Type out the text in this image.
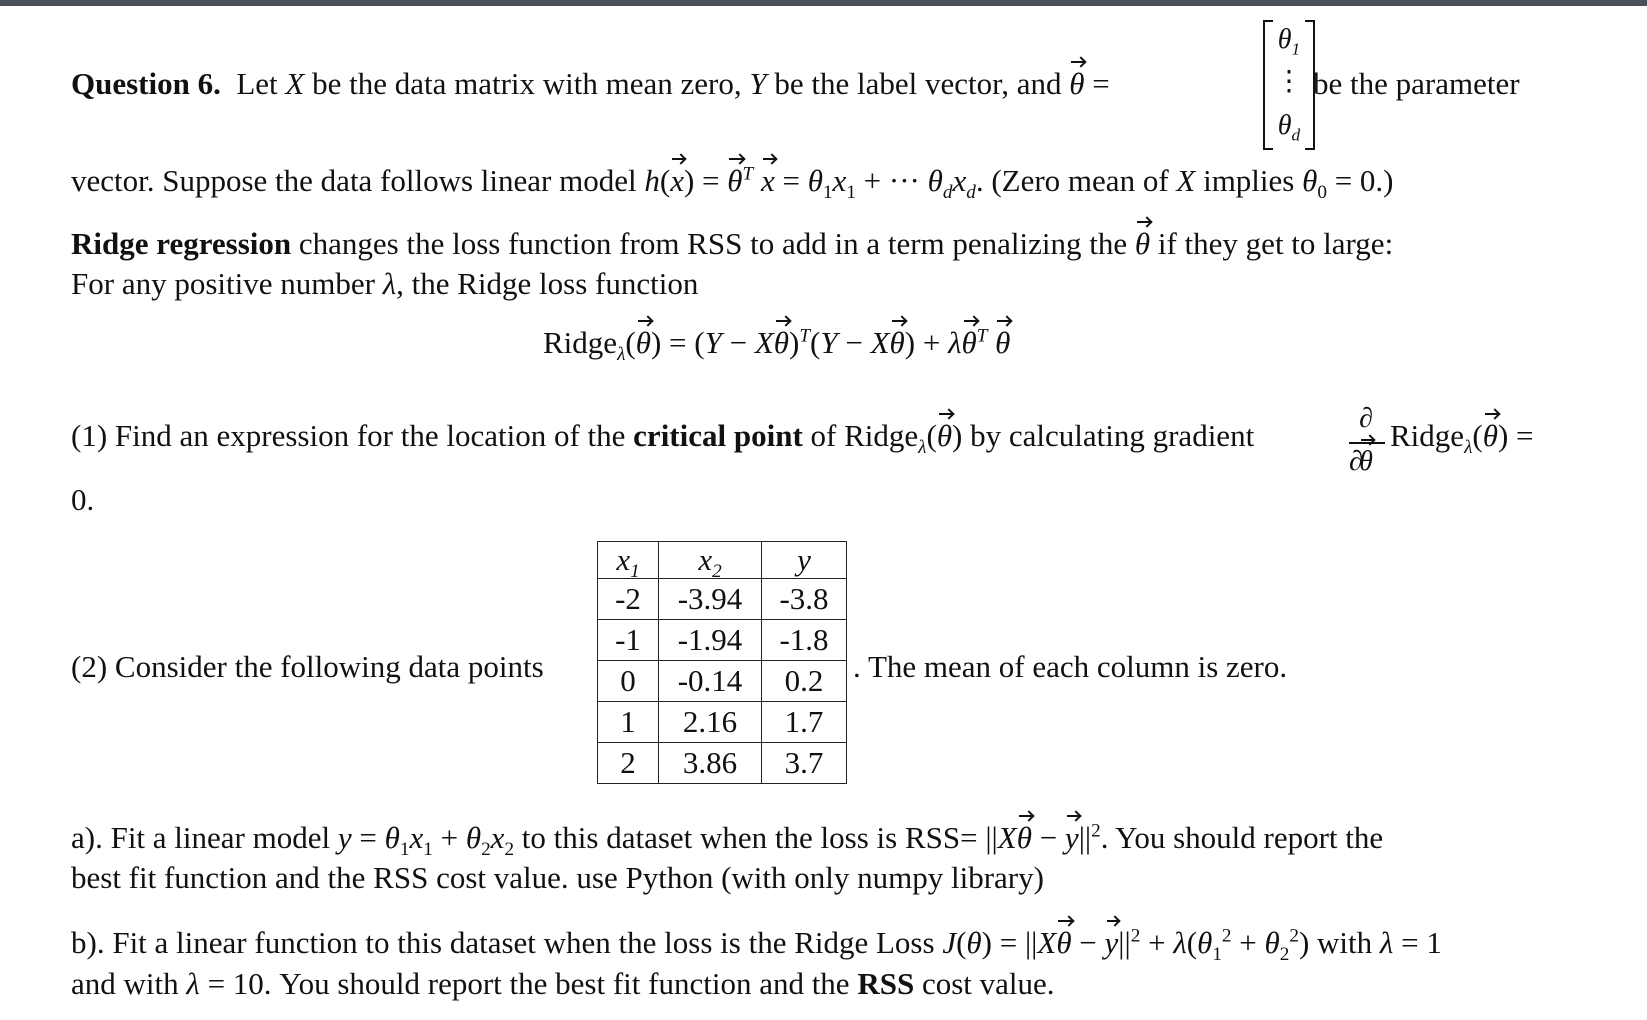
Question 6. Let X be the data matrix with mean zero, Y be the label vector, and θ =
$\theta_1$
⋮
$\theta_d$
be the parameter
vector. Suppose the data follows linear model $h(x) = \theta^T$ $x = \theta_1x_1$ + ··· $\theta_dx_d$. (Zero mean of X implies $\theta_0 = 0$.)
Ridge regression changes the loss function from RSS to add in a term penalizing the θ if they get to large:
For any positive number λ, the Ridge loss function
Ridge$_\lambda$(θ) = $(Y - X\theta)^T(Y - X\theta) + \lambda\theta^T$ θ
(1) Find an expression for the location of the critical point of Ridge$_\lambda$(θ) by calculating gradient	∂
θ
∂
Ridge$_\lambda$(θ) =
0.
(2) Consider the following data points
$x_1$	$x_2$	y
-2	-3.94	-3.8
-1	-1.94	-1.8
0	-0.14	0.2
1	2.16	1.7
2	3.86	3.7
. The mean of each column is zero.
a). Fit a linear model $y = \theta_1x_1 + \theta_2x_2$ to this dataset when the loss is $RSS= ||X\theta - y||^2$. You should report the
best fit function and the RSS cost value. use Python (with only numpy library)
b). Fit a linear function to this dataset when the loss is the Ridge Loss $J(\theta) = ||X\theta - y||^2 + \lambda(\theta_1^2 + \theta_2^2)$ with λ = 1
and with λ = 10. You should report the best fit function and the RSS cost value.
